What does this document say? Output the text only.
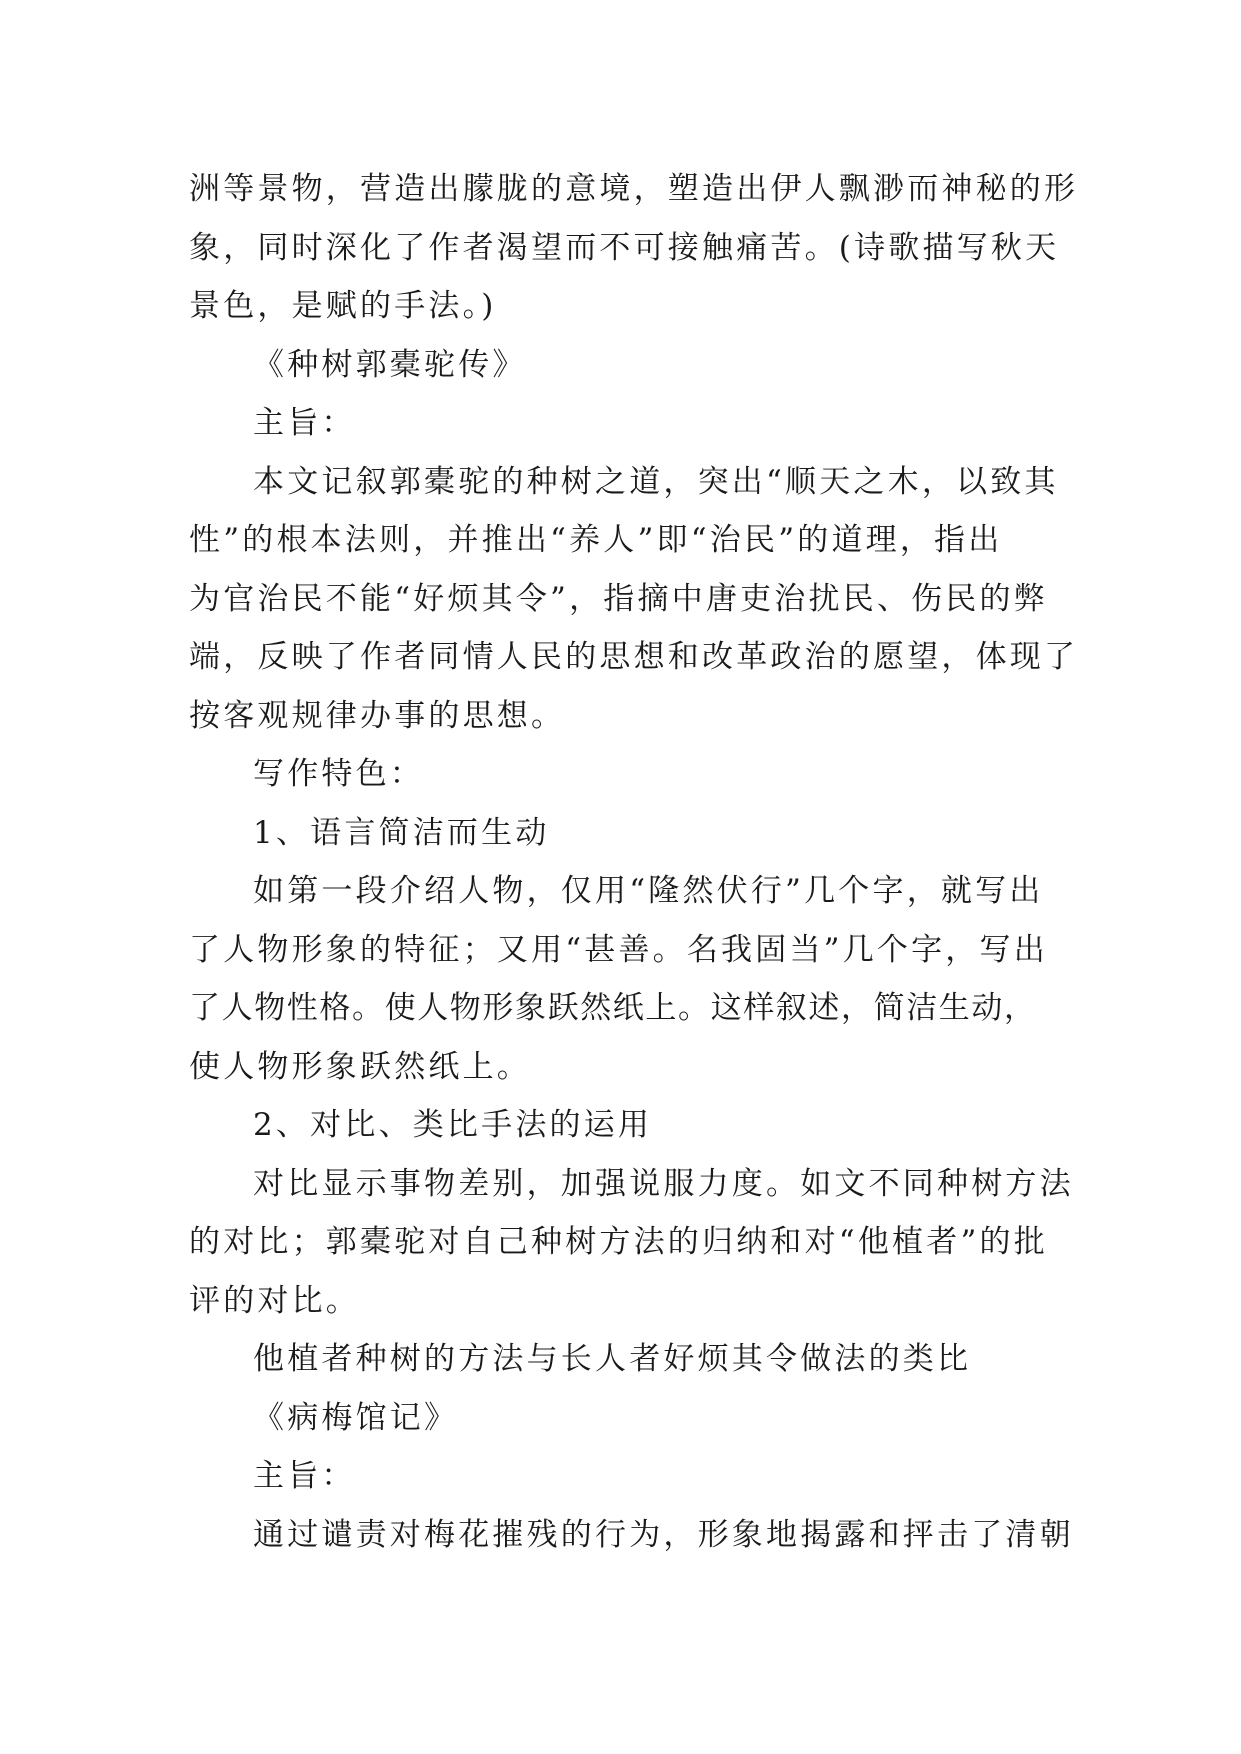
洲等景物，营造出朦胧的意境，塑造出伊人飘渺而神秘的形
象，同时深化了作者渴望而不可接触痛苦。(诗歌描写秋天
景色，是赋的手法。)
《种树郭橐驼传》
主旨：
本文记叙郭橐驼的种树之道，突出“顺天之木，以致其
性”的根本法则，并推出“养人”即“治民”的道理，指出
为官治民不能“好烦其令”，指摘中唐吏治扰民、伤民的弊
端，反映了作者同情人民的思想和改革政治的愿望，体现了
按客观规律办事的思想。
写作特色：
1、语言简洁而生动
如第一段介绍人物，仅用“隆然伏行”几个字，就写出
了人物形象的特征；又用“甚善。名我固当”几个字，写出
了人物性格。使人物形象跃然纸上。这样叙述，简洁生动，
使人物形象跃然纸上。
2、对比、类比手法的运用
对比显示事物差别，加强说服力度。如文不同种树方法
的对比；郭橐驼对自己种树方法的归纳和对“他植者”的批
评的对比。
他植者种树的方法与长人者好烦其令做法的类比
《病梅馆记》
主旨：
通过谴责对梅花摧残的行为，形象地揭露和抨击了清朝
